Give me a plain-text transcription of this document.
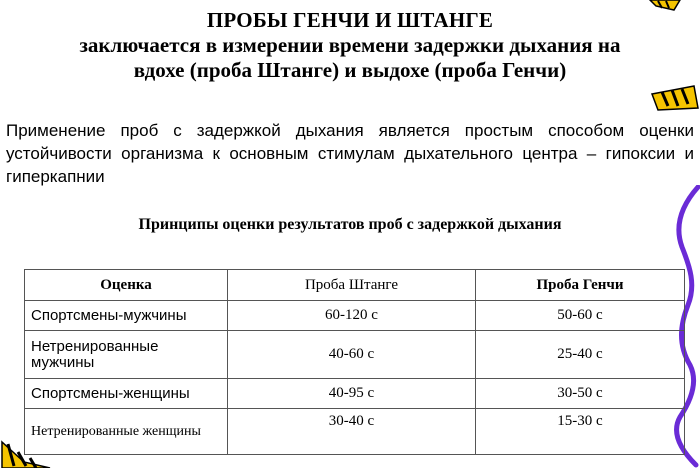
ПРОБЫ ГЕНЧИ И ШТАНГЕ
заключается в измерении времени задержки дыхания на
вдохе (проба Штанге) и выдохе (проба Генчи)
Применение проб с задержкой дыхания является простым способом оценки устойчивости организма к основным стимулам дыхательного центра – гипоксии и гиперкапнии
Принципы оценки результатов проб с задержкой дыхания
Оценка	Проба Штанге	Проба Генчи
Спортсмены-мужчины	60-120 с	50-60 с
Нетренированные мужчины	40-60 с	25-40 с
Спортсмены-женщины	40-95 с	30-50 с
Нетренированные женщины	30-40 с	15-30 с
